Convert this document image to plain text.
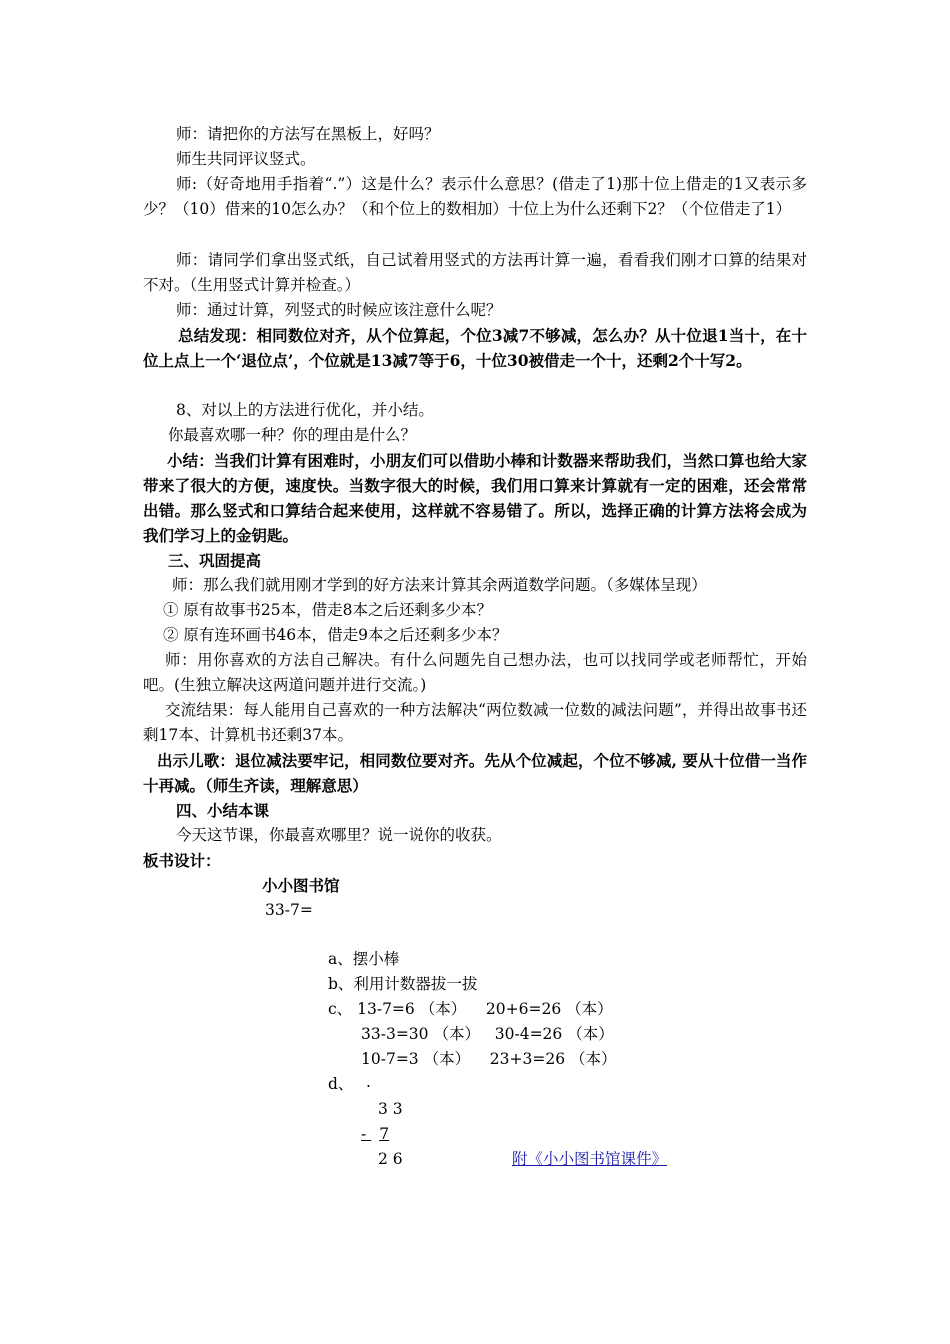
师：请把你的方法写在黑板上，好吗？
师生共同评议竖式。
师:（好奇地用手指着“.”）这是什么？表示什么意思？(借走了1)那十位上借走的1又表示多少？（10）借来的10怎么办？（和个位上的数相加）十位上为什么还剩下2？（个位借走了1）
师：请同学们拿出竖式纸，自己试着用竖式的方法再计算一遍，看看我们刚才口算的结果对不对。（生用竖式计算并检查。）
师：通过计算，列竖式的时候应该注意什么呢？
总结发现：相同数位对齐，从个位算起，个位3减7不够减，怎么办？从十位退1当十，在十位上点上一个‘退位点’，个位就是13减7等于6，十位30被借走一个十，还剩2个十写2。
8、对以上的方法进行优化，并小结。
你最喜欢哪一种？你的理由是什么？
小结：当我们计算有困难时，小朋友们可以借助小棒和计数器来帮助我们，当然口算也给大家带来了很大的方便，速度快。当数字很大的时候，我们用口算来计算就有一定的困难，还会常常出错。那么竖式和口算结合起来使用，这样就不容易错了。所以，选择正确的计算方法将会成为我们学习上的金钥匙。
三、巩固提高
师：那么我们就用刚才学到的好方法来计算其余两道数学问题。（多媒体呈现）
① 原有故事书25本，借走8本之后还剩多少本？
② 原有连环画书46本，借走9本之后还剩多少本？
师：用你喜欢的方法自己解决。有什么问题先自己想办法，也可以找同学或老师帮忙，开始吧。(生独立解决这两道问题并进行交流。)
交流结果：每人能用自己喜欢的一种方法解决“两位数减一位数的减法问题”，并得出故事书还剩17本、计算机书还剩37本。
出示儿歌：退位减法要牢记，相同数位要对齐。先从个位减起，个位不够减, 要从十位借一当作十再减。（师生齐读，理解意思）
四、小结本课
今天这节课，你最喜欢哪里？说一说你的收获。
板书设计：
小小图书馆
33-7=
a、摆小棒
b、利用计数器拔一拔
c、 13-7=6 （本）    20+6=26 （本）
33-3=30 （本）   30-4=26 （本）
10-7=3 （本）    23+3=26 （本）
d、 .
3 3
- 7
2 6	附《小小图书馆课件》
